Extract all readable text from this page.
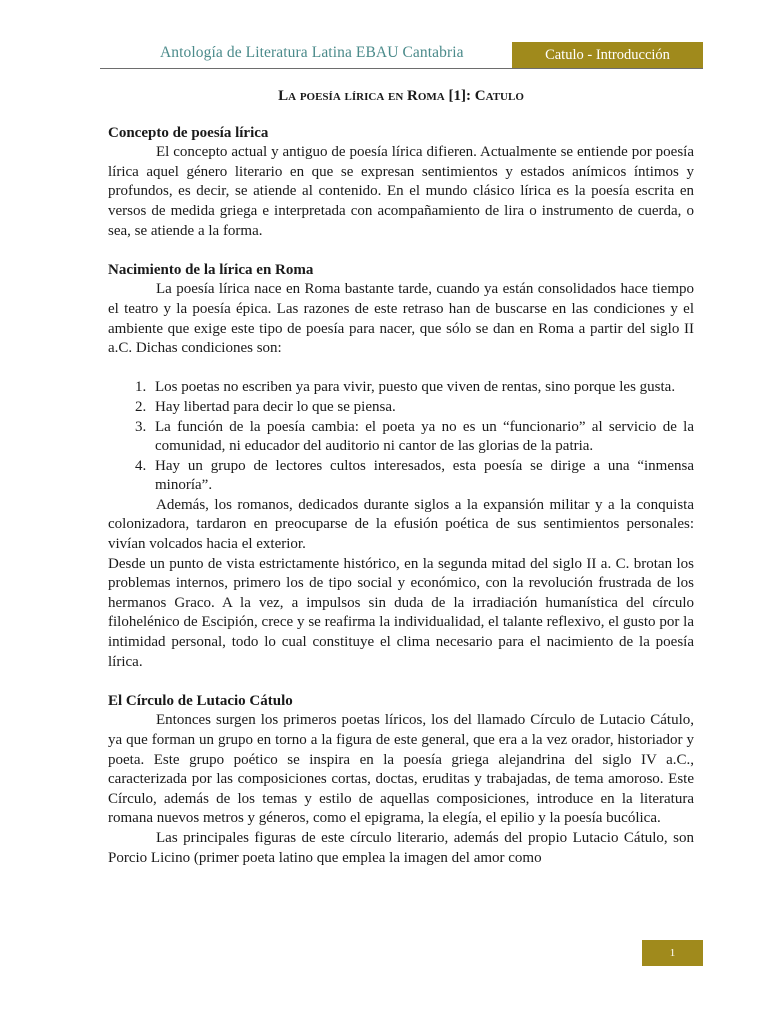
Antología de Literatura Latina EBAU Cantabria	Catulo - Introducción
La poesía lírica en Roma [1]: Catulo
Concepto de poesía lírica

El concepto actual y antiguo de poesía lírica difieren. Actualmente se entiende por poesía lírica aquel género literario en que se expresan sentimientos y estados anímicos íntimos y profundos, es decir, se atiende al contenido. En el mundo clásico lírica es la poesía escrita en versos de medida griega e interpretada con acompañamiento de lira o instrumento de cuerda, o sea, se atiende a la forma.

Nacimiento de la lírica en Roma

La poesía lírica nace en Roma bastante tarde, cuando ya están consolidados hace tiempo el teatro y la poesía épica. Las razones de este retraso han de buscarse en las condiciones y el ambiente que exige este tipo de poesía para nacer, que sólo se dan en Roma a partir del siglo II a.C. Dichas condiciones son:

1. Los poetas no escriben ya para vivir, puesto que viven de rentas, sino porque les gusta.
2. Hay libertad para decir lo que se piensa.
3. La función de la poesía cambia: el poeta ya no es un “funcionario” al servicio de la comunidad, ni educador del auditorio ni cantor de las glorias de la patria.
4. Hay un grupo de lectores cultos interesados, esta poesía se dirige a una “inmensa minoría”.

Además, los romanos, dedicados durante siglos a la expansión militar y a la conquista colonizadora, tardaron en preocuparse de la efusión poética de sus sentimientos personales: vivían volcados hacia el exterior.

Desde un punto de vista estrictamente histórico, en la segunda mitad del siglo II a. C. brotan los problemas internos, primero los de tipo social y económico, con la revolución frustrada de los hermanos Graco. A la vez, a impulsos sin duda de la irradiación humanística del círculo filohelénico de Escipión, crece y se reafirma la individualidad, el talante reflexivo, el gusto por la intimidad personal, todo lo cual constituye el clima necesario para el nacimiento de la poesía lírica.

El Círculo de Lutacio Cátulo

Entonces surgen los primeros poetas líricos, los del llamado Círculo de Lutacio Cátulo, ya que forman un grupo en torno a la figura de este general, que era a la vez orador, historiador y poeta. Este grupo poético se inspira en la poesía griega alejandrina del siglo IV a.C., caracterizada por las composiciones cortas, doctas, eruditas y trabajadas, de tema amoroso. Este Círculo, además de los temas y estilo de aquellas composiciones, introduce en la literatura romana nuevos metros y géneros, como el epigrama, la elegía, el epilio y la poesía bucólica.

Las principales figuras de este círculo literario, además del propio Lutacio Cátulo, son Porcio Licino (primer poeta latino que emplea la imagen del amor como

1
